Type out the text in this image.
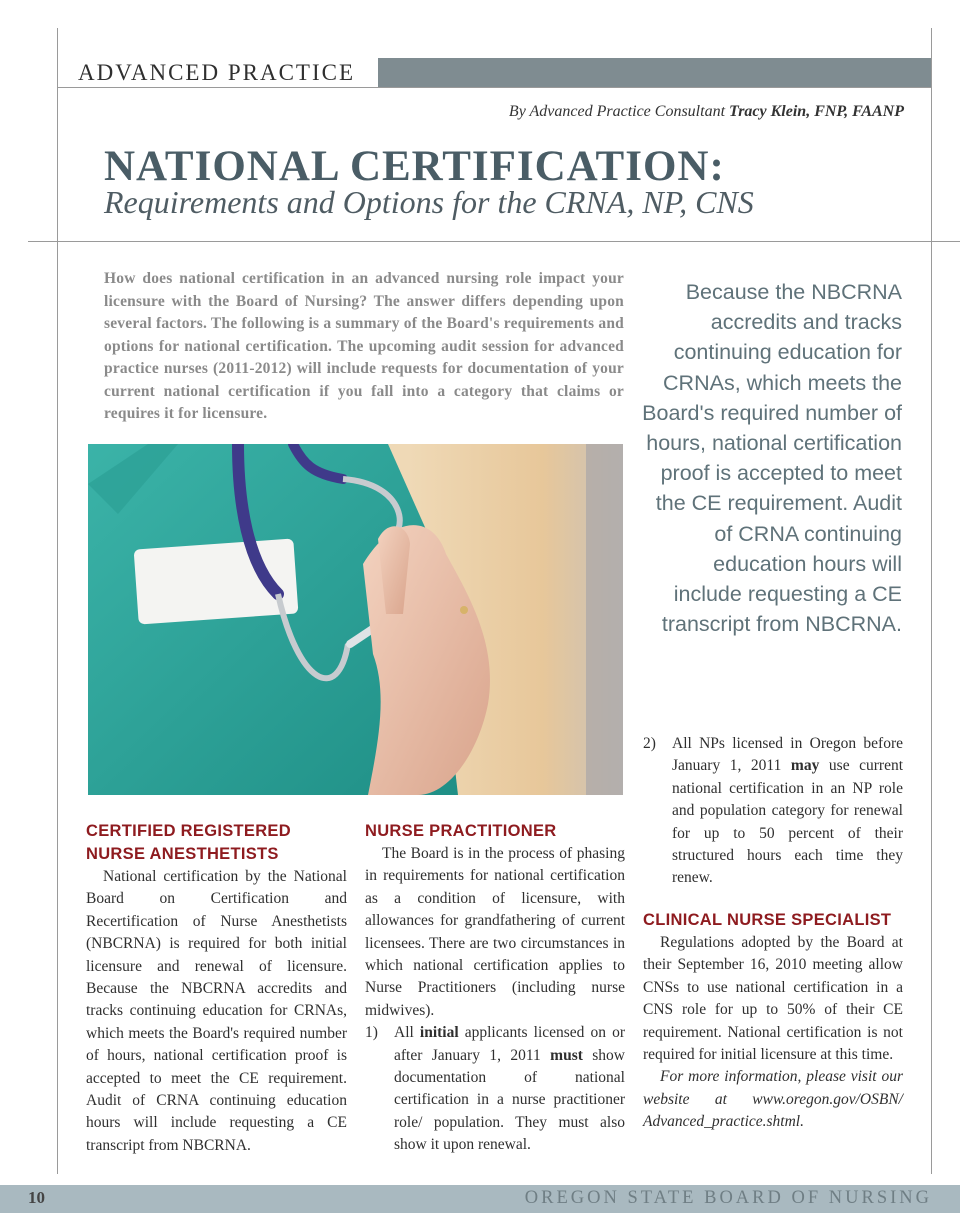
ADVANCED PRACTICE
By Advanced Practice Consultant Tracy Klein, FNP, FAANP
NATIONAL CERTIFICATION:
Requirements and Options for the CRNA, NP, CNS
How does national certification in an advanced nursing role impact your licensure with the Board of Nursing? The answer differs depending upon several factors. The following is a summary of the Board's requirements and options for national certification. The upcoming audit session for advanced practice nurses (2011-2012) will include requests for documentation of your current national certification if you fall into a category that claims or requires it for licensure.
Because the NBCRNA accredits and tracks continuing education for CRNAs, which meets the Board's required number of hours, national certification proof is accepted to meet the CE requirement. Audit of CRNA continuing education hours will include requesting a CE transcript from NBCRNA.
CERTIFIED REGISTERED
NURSE ANESTHETISTS
National certification by the National Board on Certification and Recertification of Nurse Anesthetists (NBCRNA) is required for both initial licensure and renewal of licensure. Because the NBCRNA accredits and tracks continuing education for CRNAs, which meets the Board's required number of hours, national certification proof is accepted to meet the CE requirement. Audit of CRNA continuing education hours will include requesting a CE transcript from NBCRNA.
NURSE PRACTITIONER
The Board is in the process of phasing in requirements for national certification as a condition of licensure, with allowances for grandfathering of current licensees. There are two circumstances in which national certification applies to Nurse Practitioners (including nurse midwives).
1) All initial applicants licensed on or after January 1, 2011 must show documentation of national certification in a nurse practitioner role/ population. They must also show it upon renewal.
2) All NPs licensed in Oregon before January 1, 2011 may use current national certification in an NP role and population category for renewal for up to 50 percent of their structured hours each time they renew.
CLINICAL NURSE SPECIALIST
Regulations adopted by the Board at their September 16, 2010 meeting allow CNSs to use national certification in a CNS role for up to 50% of their CE requirement. National certification is not required for initial licensure at this time.
For more information, please visit our website at www.oregon.gov/OSBN/ Advanced_practice.shtml.
10	OREGON STATE BOARD OF NURSING
